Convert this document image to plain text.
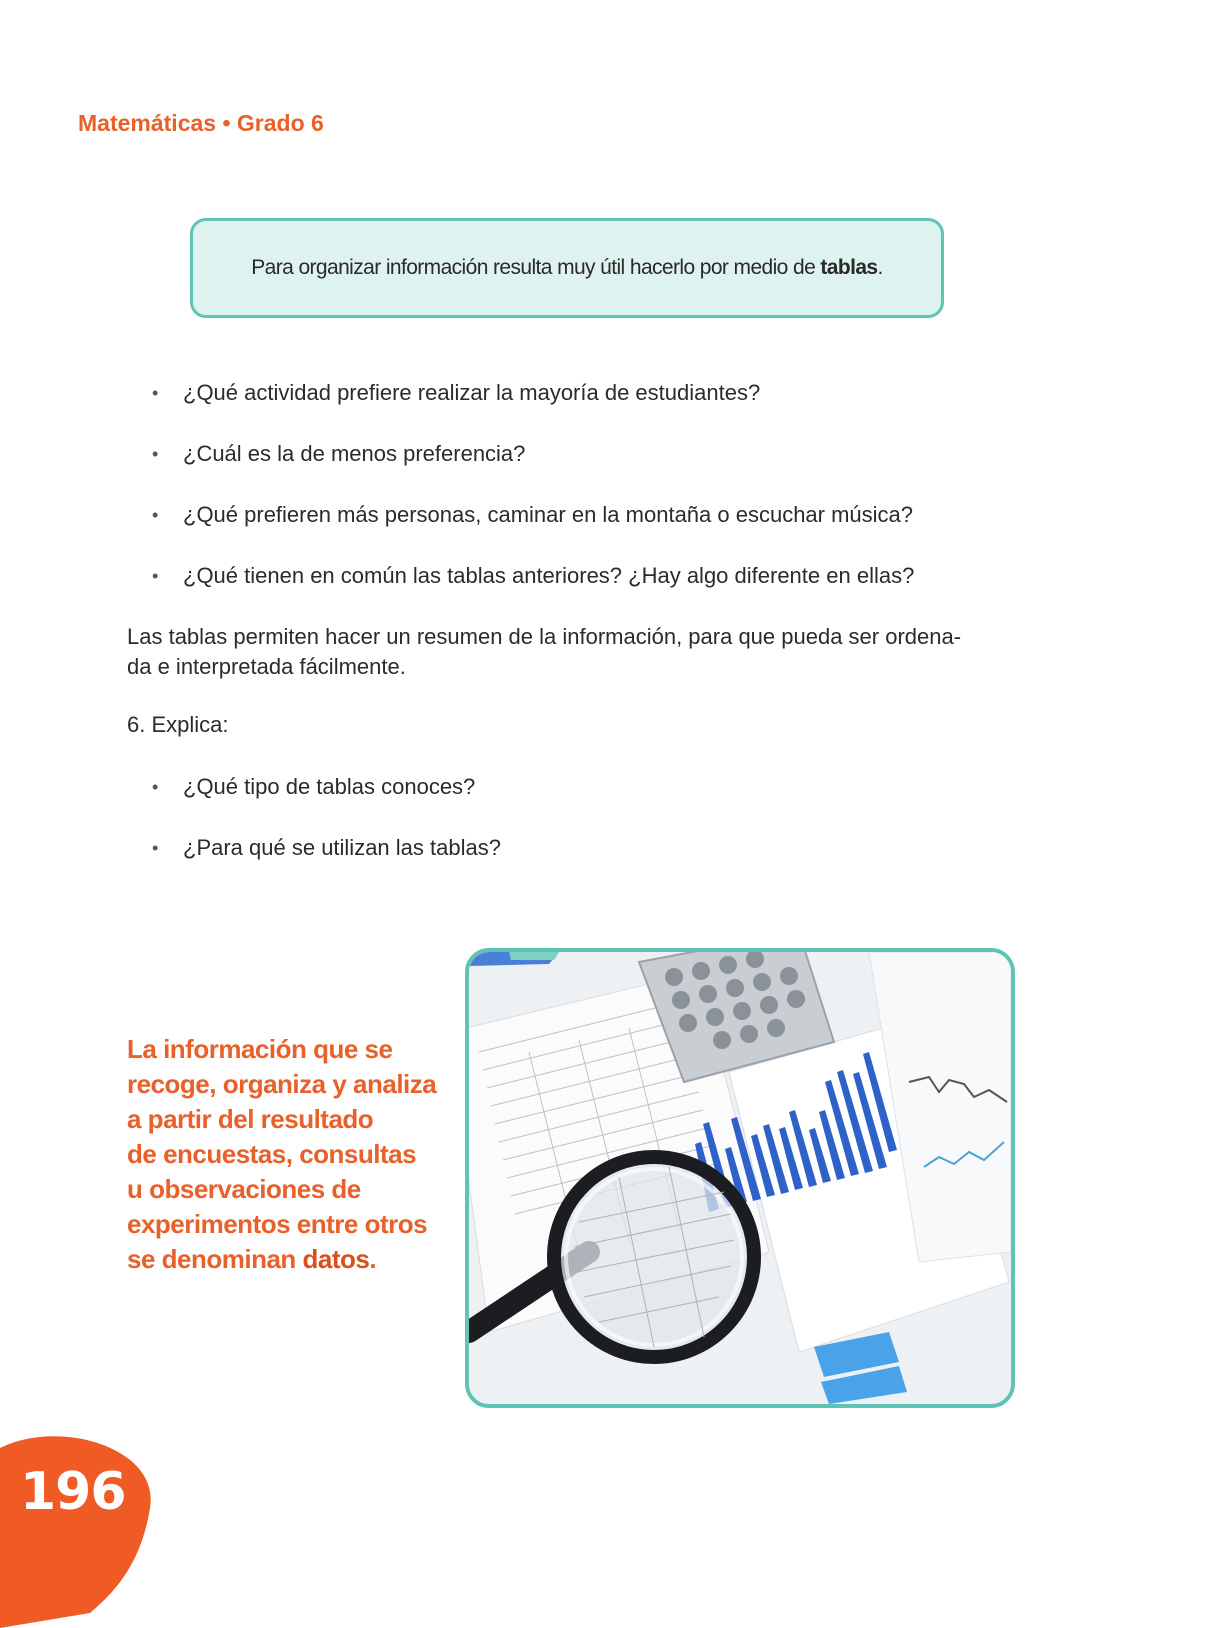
Matemáticas • Grado 6
Para organizar información resulta muy útil hacerlo por medio de tablas.
• ¿Qué actividad prefiere realizar la mayoría de estudiantes?
• ¿Cuál es la de menos preferencia?
• ¿Qué prefieren más personas, caminar en la montaña o escuchar música?
• ¿Qué tienen en común las tablas anteriores? ¿Hay algo diferente en ellas?
Las tablas permiten hacer un resumen de la información, para que pueda ser ordena-
da e interpretada fácilmente.
6. Explica:
• ¿Qué tipo de tablas conoces?
• ¿Para qué se utilizan las tablas?
La información que se
recoge, organiza y analiza
a partir del resultado
de encuestas, consultas
u observaciones de
experimentos entre otros
se denominan datos.
196
